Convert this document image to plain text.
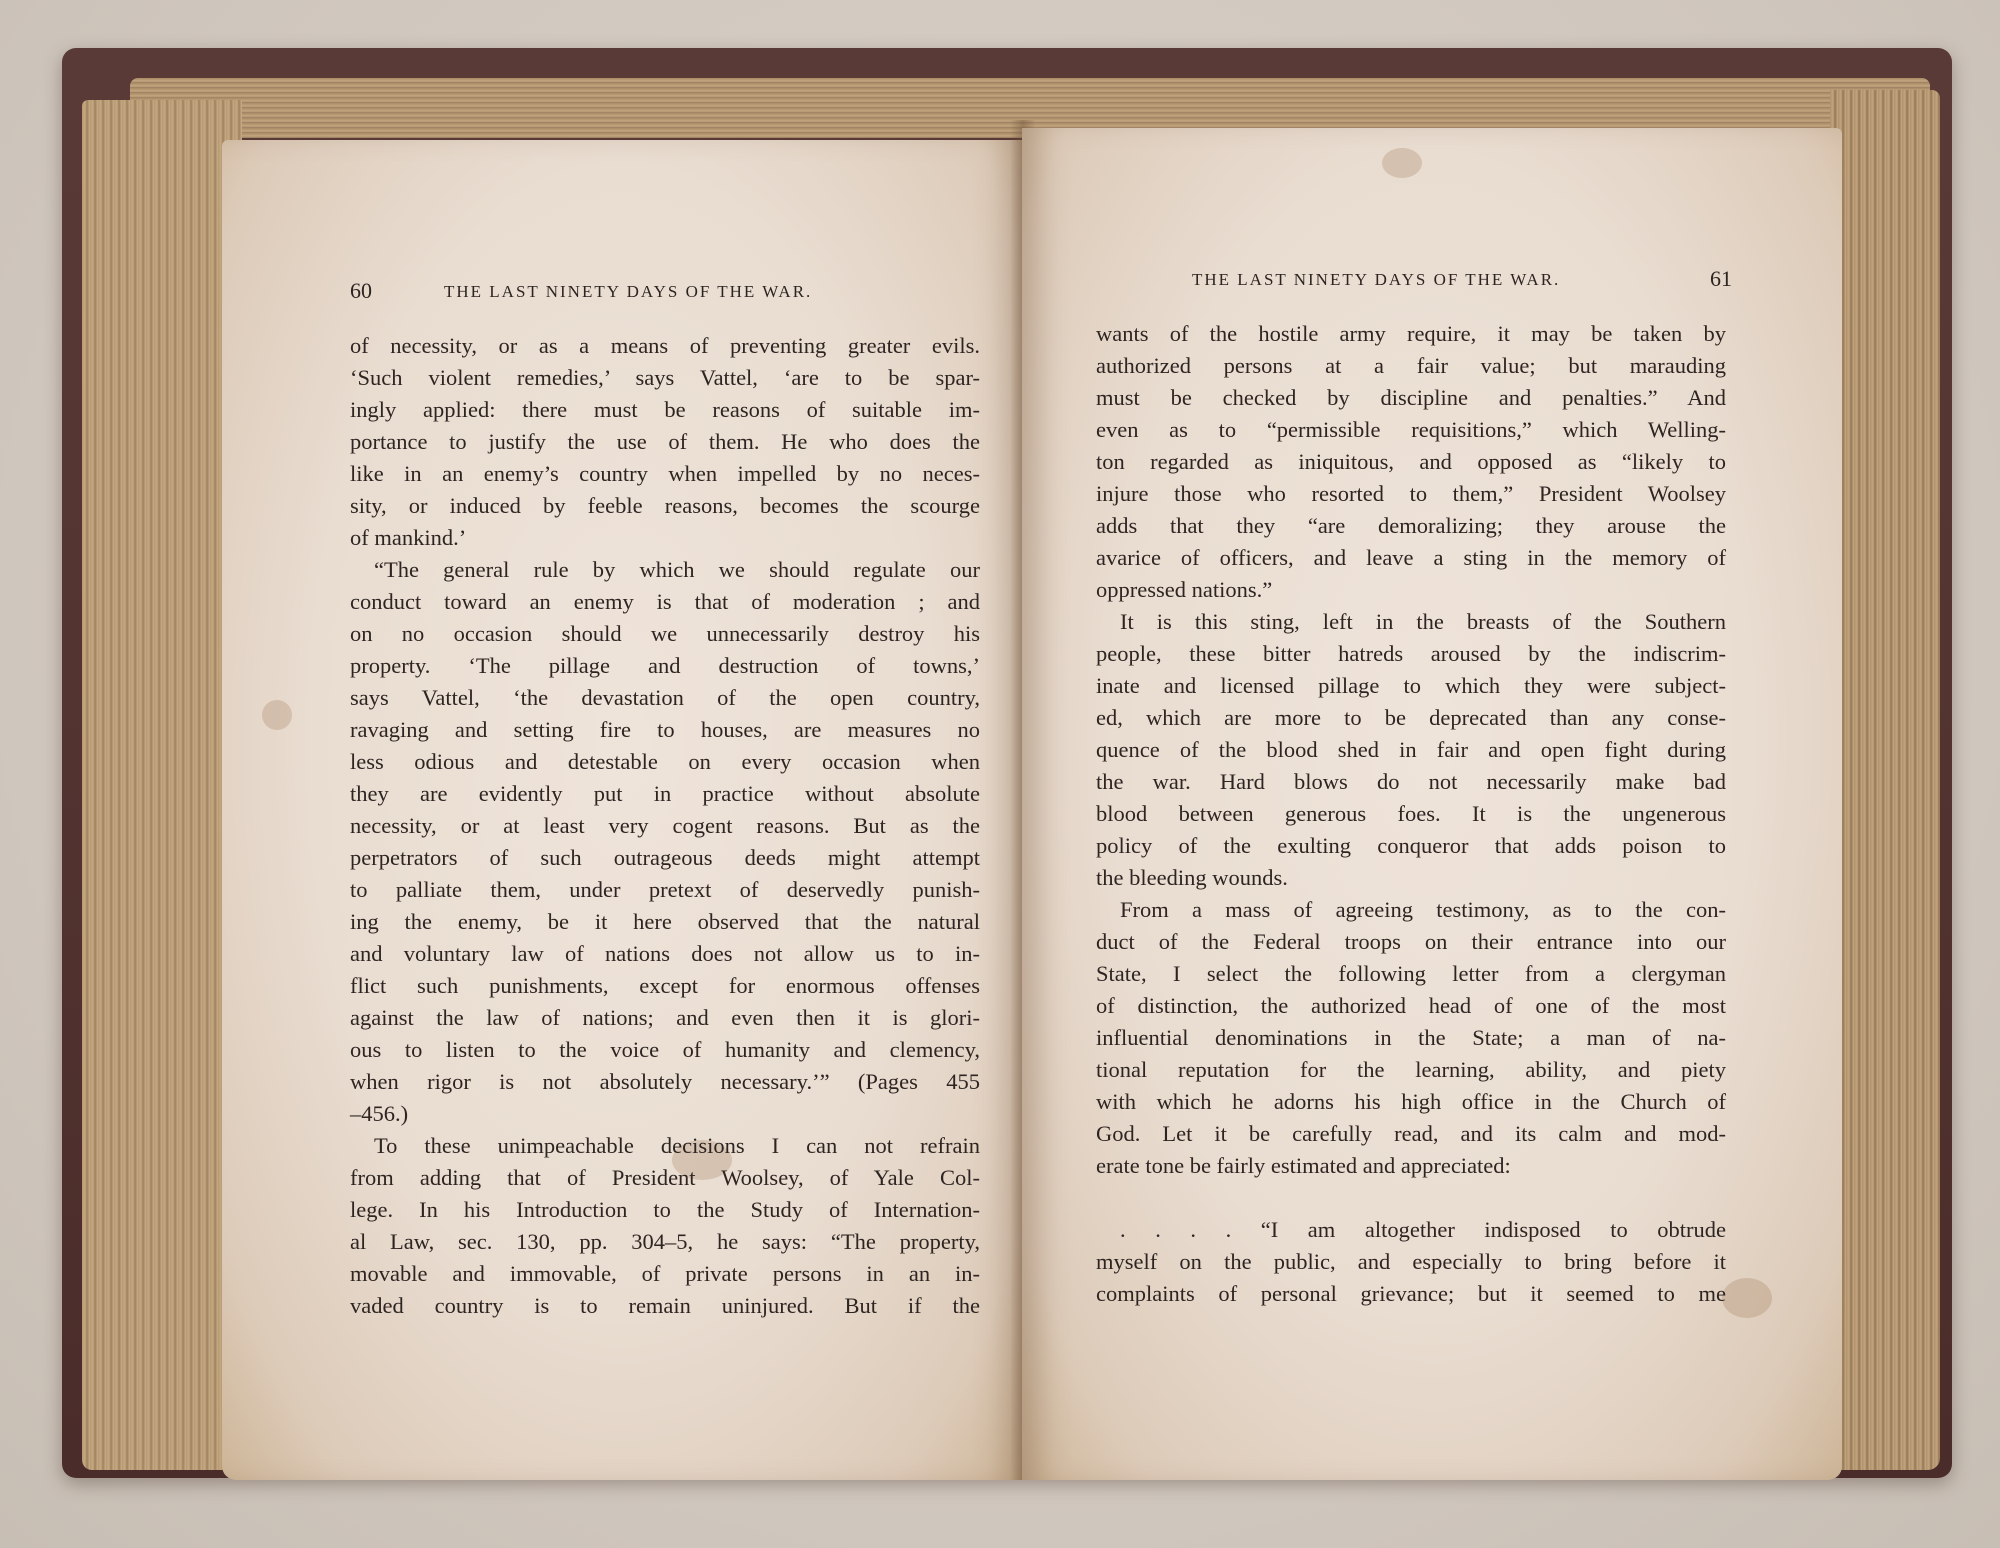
60	THE LAST NINETY DAYS OF THE WAR.
of necessity, or as a means of preventing greater evils.
‘Such violent remedies,’ says Vattel, ‘are to be spar-
ingly applied: there must be reasons of suitable im-
portance to justify the use of them. He who does the
like in an enemy’s country when impelled by no neces-
sity, or induced by feeble reasons, becomes the scourge
of mankind.’
“The general rule by which we should regulate our
conduct toward an enemy is that of moderation ; and
on no occasion should we unnecessarily destroy his
property. ‘The pillage and destruction of towns,’
says Vattel, ‘the devastation of the open country,
ravaging and setting fire to houses, are measures no
less odious and detestable on every occasion when
they are evidently put in practice without absolute
necessity, or at least very cogent reasons. But as the
perpetrators of such outrageous deeds might attempt
to palliate them, under pretext of deservedly punish-
ing the enemy, be it here observed that the natural
and voluntary law of nations does not allow us to in-
flict such punishments, except for enormous offenses
against the law of nations; and even then it is glori-
ous to listen to the voice of humanity and clemency,
when rigor is not absolutely necessary.’” (Pages 455
–456.)
To these unimpeachable decisions I can not refrain
from adding that of President Woolsey, of Yale Col-
lege. In his Introduction to the Study of Internation-
al Law, sec. 130, pp. 304–5, he says: “The property,
movable and immovable, of private persons in an in-
vaded country is to remain uninjured. But if the
THE LAST NINETY DAYS OF THE WAR.	61
wants of the hostile army require, it may be taken by
authorized persons at a fair value; but marauding
must be checked by discipline and penalties.” And
even as to “permissible requisitions,” which Welling-
ton regarded as iniquitous, and opposed as “likely to
injure those who resorted to them,” President Woolsey
adds that they “are demoralizing; they arouse the
avarice of officers, and leave a sting in the memory of
oppressed nations.”
It is this sting, left in the breasts of the Southern
people, these bitter hatreds aroused by the indiscrim-
inate and licensed pillage to which they were subject-
ed, which are more to be deprecated than any conse-
quence of the blood shed in fair and open fight during
the war. Hard blows do not necessarily make bad
blood between generous foes. It is the ungenerous
policy of the exulting conqueror that adds poison to
the bleeding wounds.
From a mass of agreeing testimony, as to the con-
duct of the Federal troops on their entrance into our
State, I select the following letter from a clergyman
of distinction, the authorized head of one of the most
influential denominations in the State; a man of na-
tional reputation for the learning, ability, and piety
with which he adorns his high office in the Church of
God. Let it be carefully read, and its calm and mod-
erate tone be fairly estimated and appreciated:
. . . . “I am altogether indisposed to obtrude
myself on the public, and especially to bring before it
complaints of personal grievance; but it seemed to me
